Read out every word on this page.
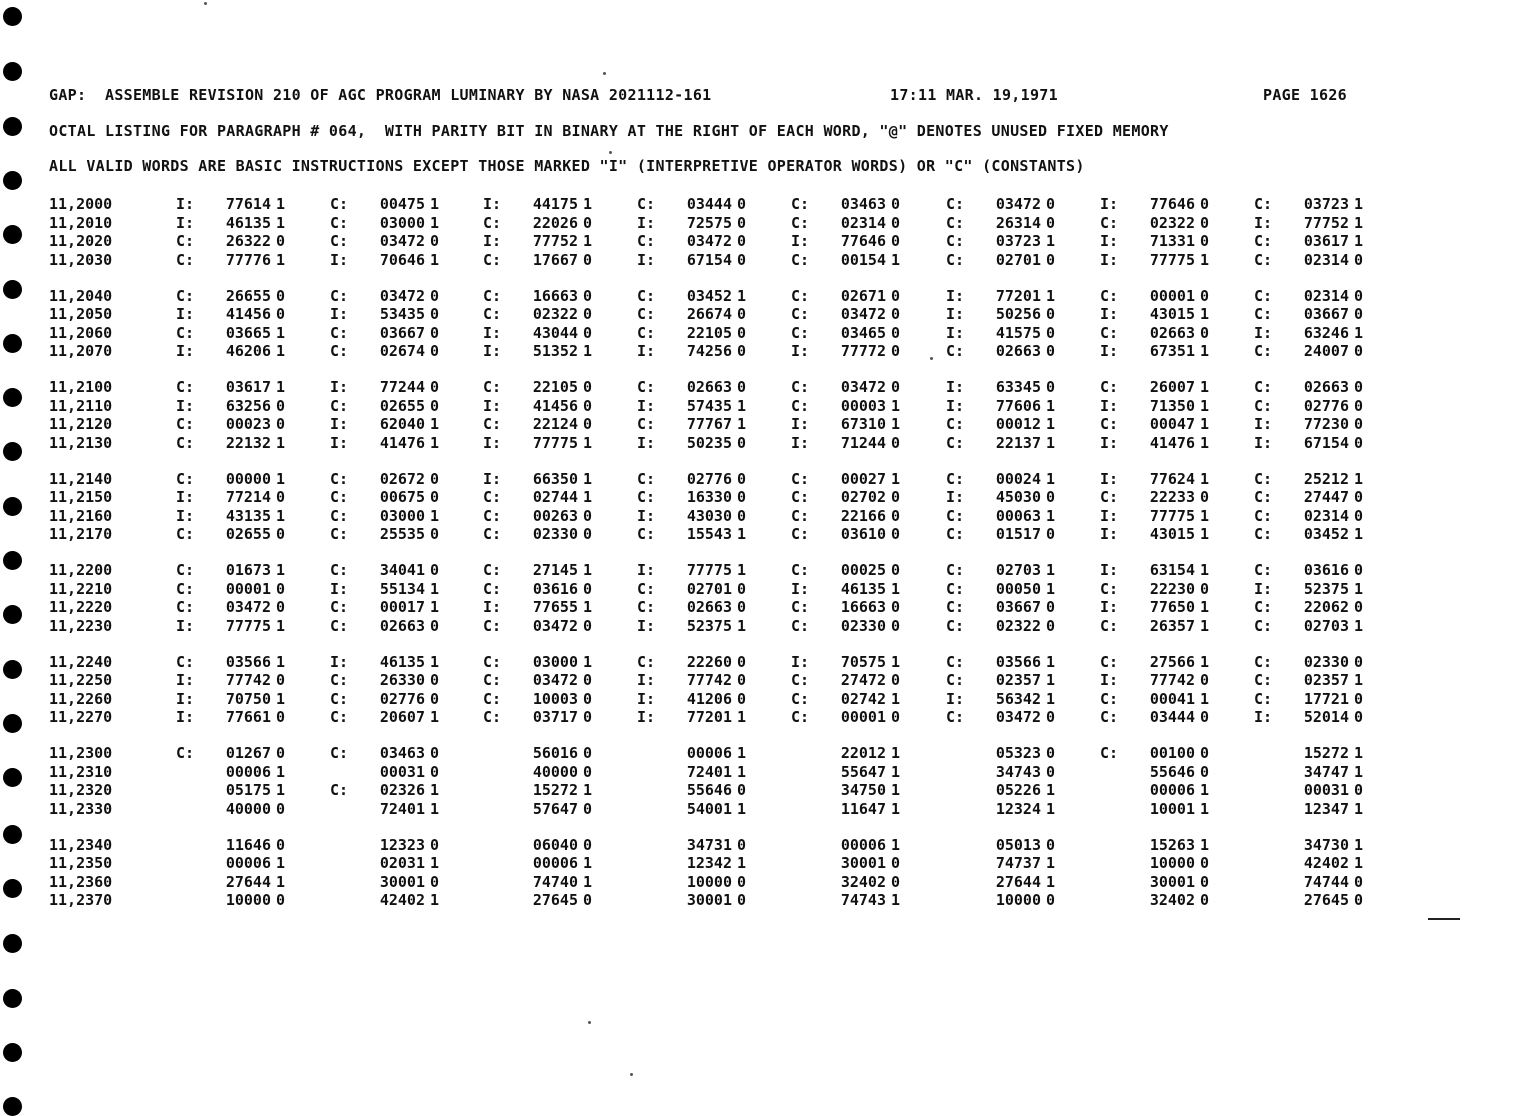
GAP:  ASSEMBLE REVISION 210 OF AGC PROGRAM LUMINARY BY NASA 2021112-161	17:11 MAR. 19,1971	PAGE 1626
OCTAL LISTING FOR PARAGRAPH # 064,  WITH PARITY BIT IN BINARY AT THE RIGHT OF EACH WORD, "@" DENOTES UNUSED FIXED MEMORY
ALL VALID WORDS ARE BASIC INSTRUCTIONS EXCEPT THOSE MARKED "I" (INTERPRETIVE OPERATOR WORDS) OR "C" (CONSTANTS)
11,2000	I: 77614 1	C: 00475 1	I: 44175 1	C: 03444 0	C: 03463 0	C: 03472 0	I: 77646 0	C: 03723 1
11,2010	I: 46135 1	C: 03000 1	C: 22026 0	I: 72575 0	C: 02314 0	C: 26314 0	C: 02322 0	I: 77752 1
11,2020	C: 26322 0	C: 03472 0	I: 77752 1	C: 03472 0	I: 77646 0	C: 03723 1	I: 71331 0	C: 03617 1
11,2030	C: 77776 1	I: 70646 1	C: 17667 0	I: 67154 0	C: 00154 1	C: 02701 0	I: 77775 1	C: 02314 0
11,2040	C: 26655 0	C: 03472 0	C: 16663 0	C: 03452 1	C: 02671 0	I: 77201 1	C: 00001 0	C: 02314 0
11,2050	I: 41456 0	I: 53435 0	C: 02322 0	C: 26674 0	C: 03472 0	I: 50256 0	I: 43015 1	C: 03667 0
11,2060	C: 03665 1	C: 03667 0	I: 43044 0	C: 22105 0	C: 03465 0	I: 41575 0	C: 02663 0	I: 63246 1
11,2070	I: 46206 1	C: 02674 0	I: 51352 1	I: 74256 0	I: 77772 0	C: 02663 0	I: 67351 1	C: 24007 0
11,2100	C: 03617 1	I: 77244 0	C: 22105 0	C: 02663 0	C: 03472 0	I: 63345 0	C: 26007 1	C: 02663 0
11,2110	I: 63256 0	C: 02655 0	I: 41456 0	I: 57435 1	C: 00003 1	I: 77606 1	I: 71350 1	C: 02776 0
11,2120	C: 00023 0	I: 62040 1	C: 22124 0	C: 77767 1	I: 67310 1	C: 00012 1	C: 00047 1	I: 77230 0
11,2130	C: 22132 1	I: 41476 1	I: 77775 1	I: 50235 0	I: 71244 0	C: 22137 1	I: 41476 1	I: 67154 0
11,2140	C: 00000 1	C: 02672 0	I: 66350 1	C: 02776 0	C: 00027 1	C: 00024 1	I: 77624 1	C: 25212 1
11,2150	I: 77214 0	C: 00675 0	C: 02744 1	C: 16330 0	C: 02702 0	I: 45030 0	C: 22233 0	C: 27447 0
11,2160	I: 43135 1	C: 03000 1	C: 00263 0	I: 43030 0	C: 22166 0	C: 00063 1	I: 77775 1	C: 02314 0
11,2170	C: 02655 0	C: 25535 0	C: 02330 0	C: 15543 1	C: 03610 0	C: 01517 0	I: 43015 1	C: 03452 1
11,2200	C: 01673 1	C: 34041 0	C: 27145 1	I: 77775 1	C: 00025 0	C: 02703 1	I: 63154 1	C: 03616 0
11,2210	C: 00001 0	I: 55134 1	C: 03616 0	C: 02701 0	I: 46135 1	C: 00050 1	C: 22230 0	I: 52375 1
11,2220	C: 03472 0	C: 00017 1	I: 77655 1	C: 02663 0	C: 16663 0	C: 03667 0	I: 77650 1	C: 22062 0
11,2230	I: 77775 1	C: 02663 0	C: 03472 0	I: 52375 1	C: 02330 0	C: 02322 0	C: 26357 1	C: 02703 1
11,2240	C: 03566 1	I: 46135 1	C: 03000 1	C: 22260 0	I: 70575 1	C: 03566 1	C: 27566 1	C: 02330 0
11,2250	I: 77742 0	C: 26330 0	C: 03472 0	I: 77742 0	C: 27472 0	C: 02357 1	I: 77742 0	C: 02357 1
11,2260	I: 70750 1	C: 02776 0	C: 10003 0	I: 41206 0	C: 02742 1	I: 56342 1	C: 00041 1	C: 17721 0
11,2270	I: 77661 0	C: 20607 1	C: 03717 0	I: 77201 1	C: 00001 0	C: 03472 0	C: 03444 0	I: 52014 0
11,2300	C: 01267 0	C: 03463 0	56016 0	00006 1	22012 1	05323 0	C: 00100 0	15272 1
11,2310	00006 1	00031 0	40000 0	72401 1	55647 1	34743 0	55646 0	34747 1
11,2320	05175 1	C: 02326 1	15272 1	55646 0	34750 1	05226 1	00006 1	00031 0
11,2330	40000 0	72401 1	57647 0	54001 1	11647 1	12324 1	10001 1	12347 1
11,2340	11646 0	12323 0	06040 0	34731 0	00006 1	05013 0	15263 1	34730 1
11,2350	00006 1	02031 1	00006 1	12342 1	30001 0	74737 1	10000 0	42402 1
11,2360	27644 1	30001 0	74740 1	10000 0	32402 0	27644 1	30001 0	74744 0
11,2370	10000 0	42402 1	27645 0	30001 0	74743 1	10000 0	32402 0	27645 0
